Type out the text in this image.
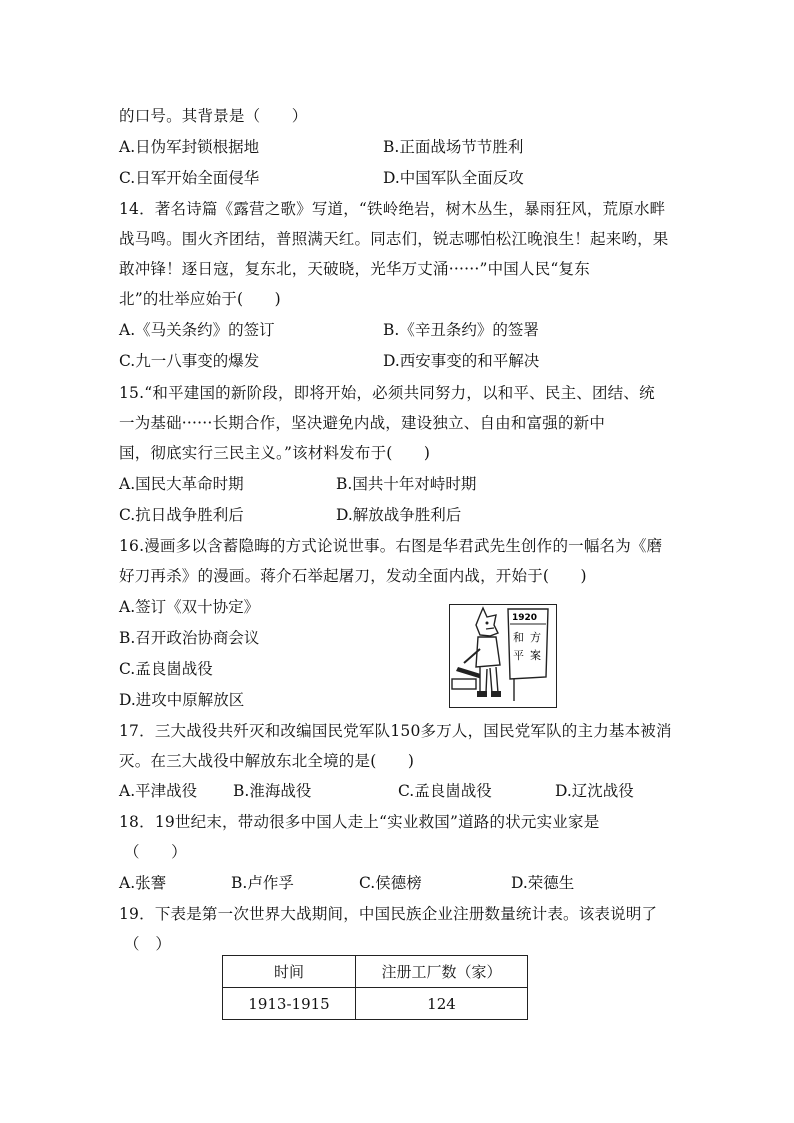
的口号。其背景是（　　）
A.日伪军封锁根据地	B.正面战场节节胜利
C.日军开始全面侵华	D.中国军队全面反攻
14．著名诗篇《露营之歌》写道，“铁岭绝岩，树木丛生，暴雨狂风，荒原水畔
战马鸣。围火齐团结，普照满天红。同志们，锐志哪怕松江晚浪生！起来哟，果
敢冲锋！逐日寇，复东北，天破晓，光华万丈涌······”中国人民“复东
北”的壮举应始于(　　)
A.《马关条约》的签订	B.《辛丑条约》的签署
C.九一八事变的爆发	D.西安事变的和平解决
15.“和平建国的新阶段，即将开始，必须共同努力，以和平、民主、团结、统
一为基础······长期合作，坚决避免内战，建设独立、自由和富强的新中
国，彻底实行三民主义。”该材料发布于(　　)
A.国民大革命时期	B.国共十年对峙时期
C.抗日战争胜利后	D.解放战争胜利后
16.漫画多以含蓄隐晦的方式论说世事。右图是华君武先生创作的一幅名为《磨
好刀再杀》的漫画。蒋介石举起屠刀，发动全面内战，开始于(　　)
A.签订《双十协定》
B.召开政治协商会议
C.孟良崮战役
D.进攻中原解放区
1920
和 方
平 案
17．三大战役共歼灭和改编国民党军队150多万人，国民党军队的主力基本被消
灭。在三大战役中解放东北全境的是(　　)
A.平津战役 B.淮海战役	C.孟良崮战役	D.辽沈战役
18．19世纪末，带动很多中国人走上“实业救国”道路的状元实业家是
（　　）
A.张謇	B.卢作孚	C.侯德榜	D.荣德生
19．下表是第一次世界大战期间，中国民族企业注册数量统计表。该表说明了
（　）
时间	注册工厂数（家）
1913-1915	124
